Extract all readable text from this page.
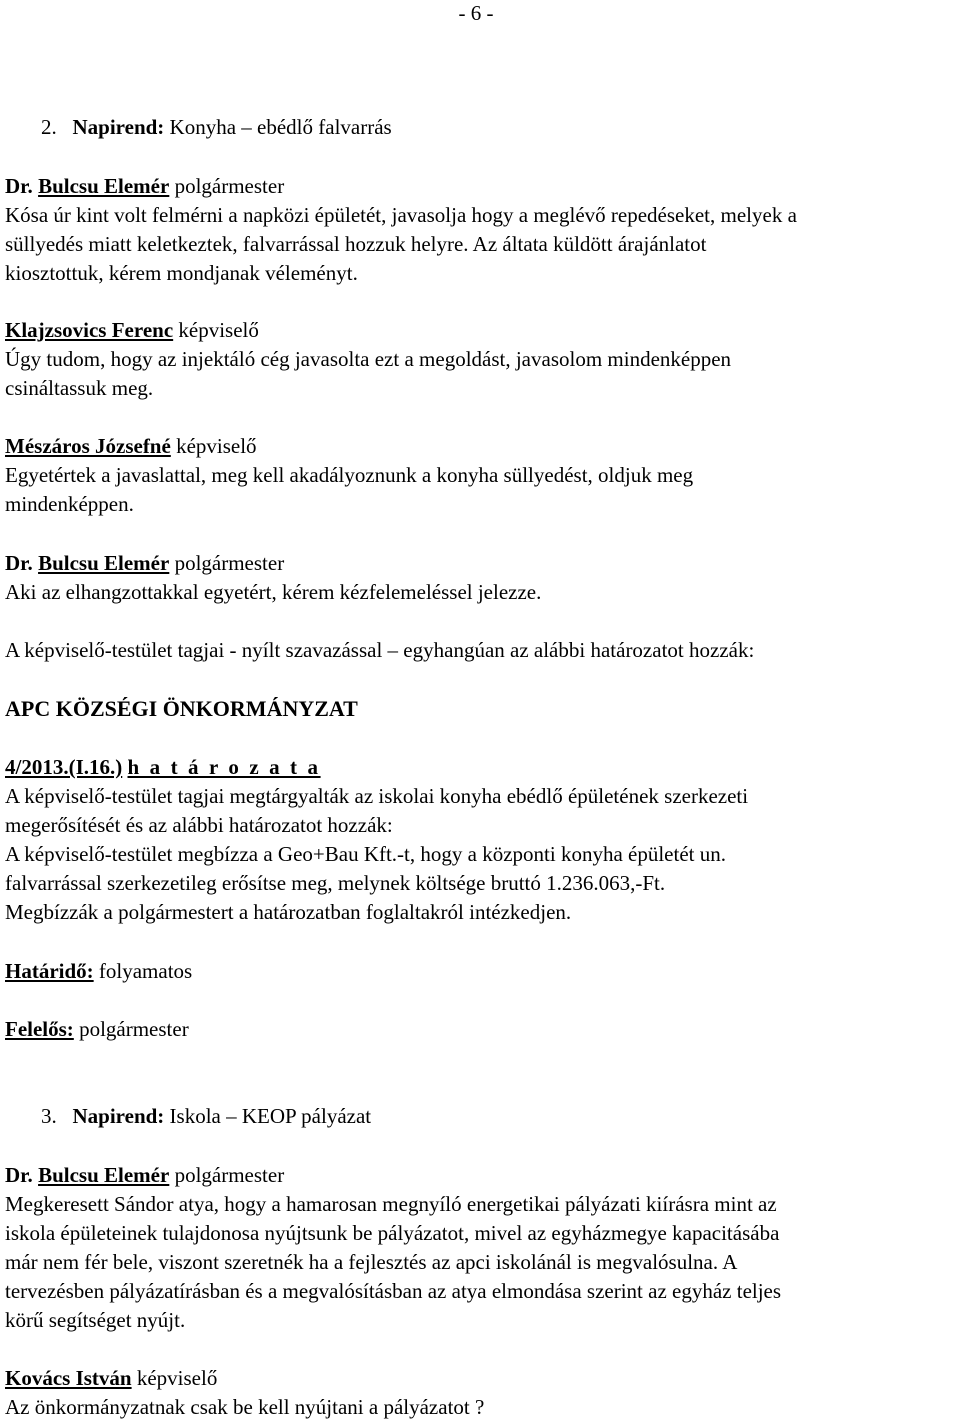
- 6 -
2. Napirend: Konyha – ebédlő falvarrás
Dr. Bulcsu Elemér polgármester
Kósa úr kint volt felmérni a napközi épületét, javasolja hogy a meglévő repedéseket, melyek a
süllyedés miatt keletkeztek, falvarrással hozzuk helyre. Az áltata küldött árajánlatot
kiosztottuk, kérem mondjanak véleményt.
Klajzsovics Ferenc képviselő
Úgy tudom, hogy az injektáló cég javasolta ezt a megoldást, javasolom mindenképpen
csináltassuk meg.
Mészáros Józsefné képviselő
Egyetértek a javaslattal, meg kell akadályoznunk a konyha süllyedést, oldjuk meg
mindenképpen.
Dr. Bulcsu Elemér polgármester
Aki az elhangzottakkal egyetért, kérem kézfelemeléssel jelezze.
A képviselő-testület tagjai - nyílt szavazással – egyhangúan az alábbi határozatot hozzák:
APC KÖZSÉGI ÖNKORMÁNYZAT
4/2013.(I.16.) h a t á r o z a t a
A képviselő-testület tagjai megtárgyalták az iskolai konyha ebédlő épületének szerkezeti
megerősítését és az alábbi határozatot hozzák:
A képviselő-testület megbízza a Geo+Bau Kft.-t, hogy a központi konyha épületét un.
falvarrással szerkezetileg erősítse meg, melynek költsége bruttó 1.236.063,-Ft.
Megbízzák a polgármestert a határozatban foglaltakról intézkedjen.
Határidő: folyamatos
Felelős: polgármester
3. Napirend: Iskola – KEOP pályázat
Dr. Bulcsu Elemér polgármester
Megkeresett Sándor atya, hogy a hamarosan megnyíló energetikai pályázati kiírásra mint az
iskola épületeinek tulajdonosa nyújtsunk be pályázatot, mivel az egyházmegye kapacitásába
már nem fér bele, viszont szeretnék ha a fejlesztés az apci iskolánál is megvalósulna. A
tervezésben pályázatírásban és a megvalósításban az atya elmondása szerint az egyház teljes
körű segítséget nyújt.
Kovács István képviselő
Az önkormányzatnak csak be kell nyújtani a pályázatot ?
